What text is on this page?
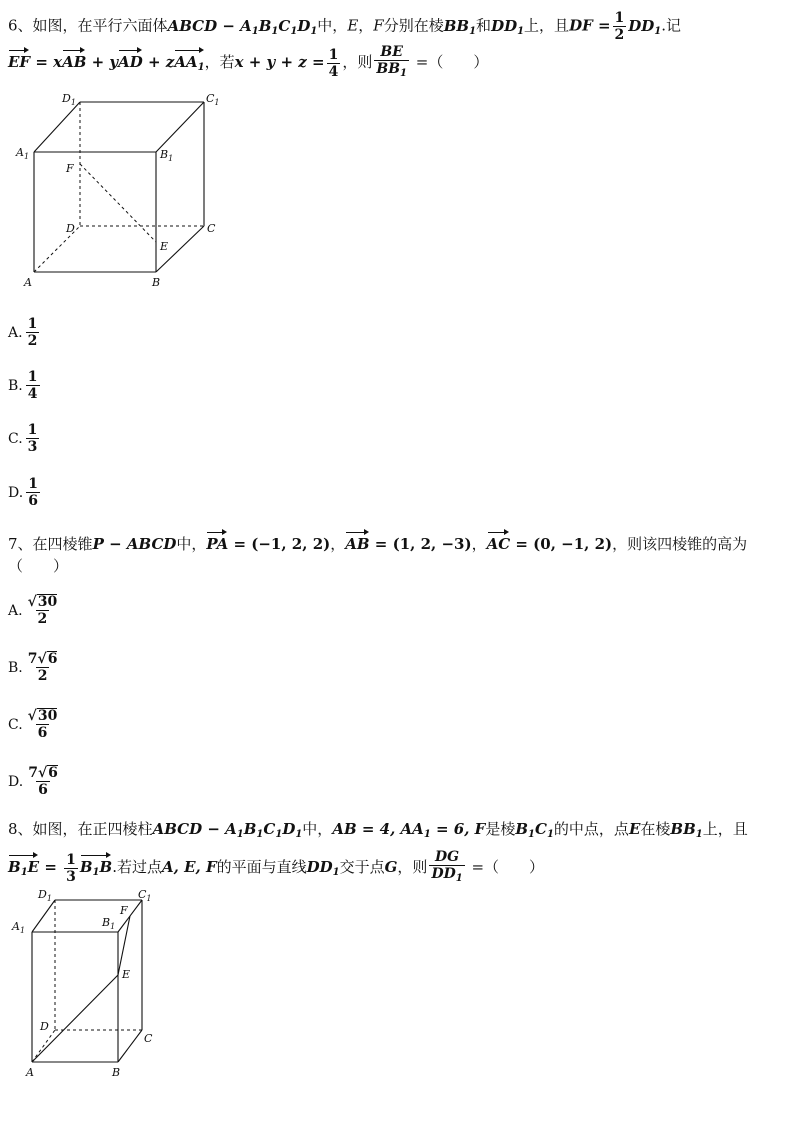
6、如图，在平行六面体ABCD − $A_1B_1C_1D_1$中，E，F分别在棱$BB_1$和$DD_1$上，且DF = $\frac{1}{2} DD_1$.记
EF = xAB + yAD + zAA$_1$，若$x + y + z = \frac{1}{4}$ ，则 $\frac{BE}{BB_1}$ =（　　）
$D_1$	$C_1$
$A_1$	$B_1$
F
D	C
E
A	B
A. $\frac{1}{2}$
B. $\frac{1}{4}$
C. $\frac{1}{3}$
D. $\frac{1}{6}$
7、在四棱锥P − ABCD中，PA = (−1, 2, 2)，AB = (1, 2, −3)，AC = (0, −1, 2)，则该四棱锥的高为
（　　）
A. $\frac{√30}{2}$
B. $\frac{7√6}{2}$
C. $\frac{√30}{6}$
D. $\frac{7√6}{6}$
8、如图，在正四棱柱ABCD − $A_1B_1C_1D_1$中，AB = 4, $AA_1 = 6$, F是棱$B_1C_1$的中点，点E在棱$BB_1$上，且
$B_1E = \frac{1}{3} B_1B$.若过点A, E, F的平面与直线$DD_1$交于点G，则 $\frac{DG}{DD_1}$ =（　　）
$D_1$	$C_1$
$A_1$
$B_1$
F
E
D
C
A	B
